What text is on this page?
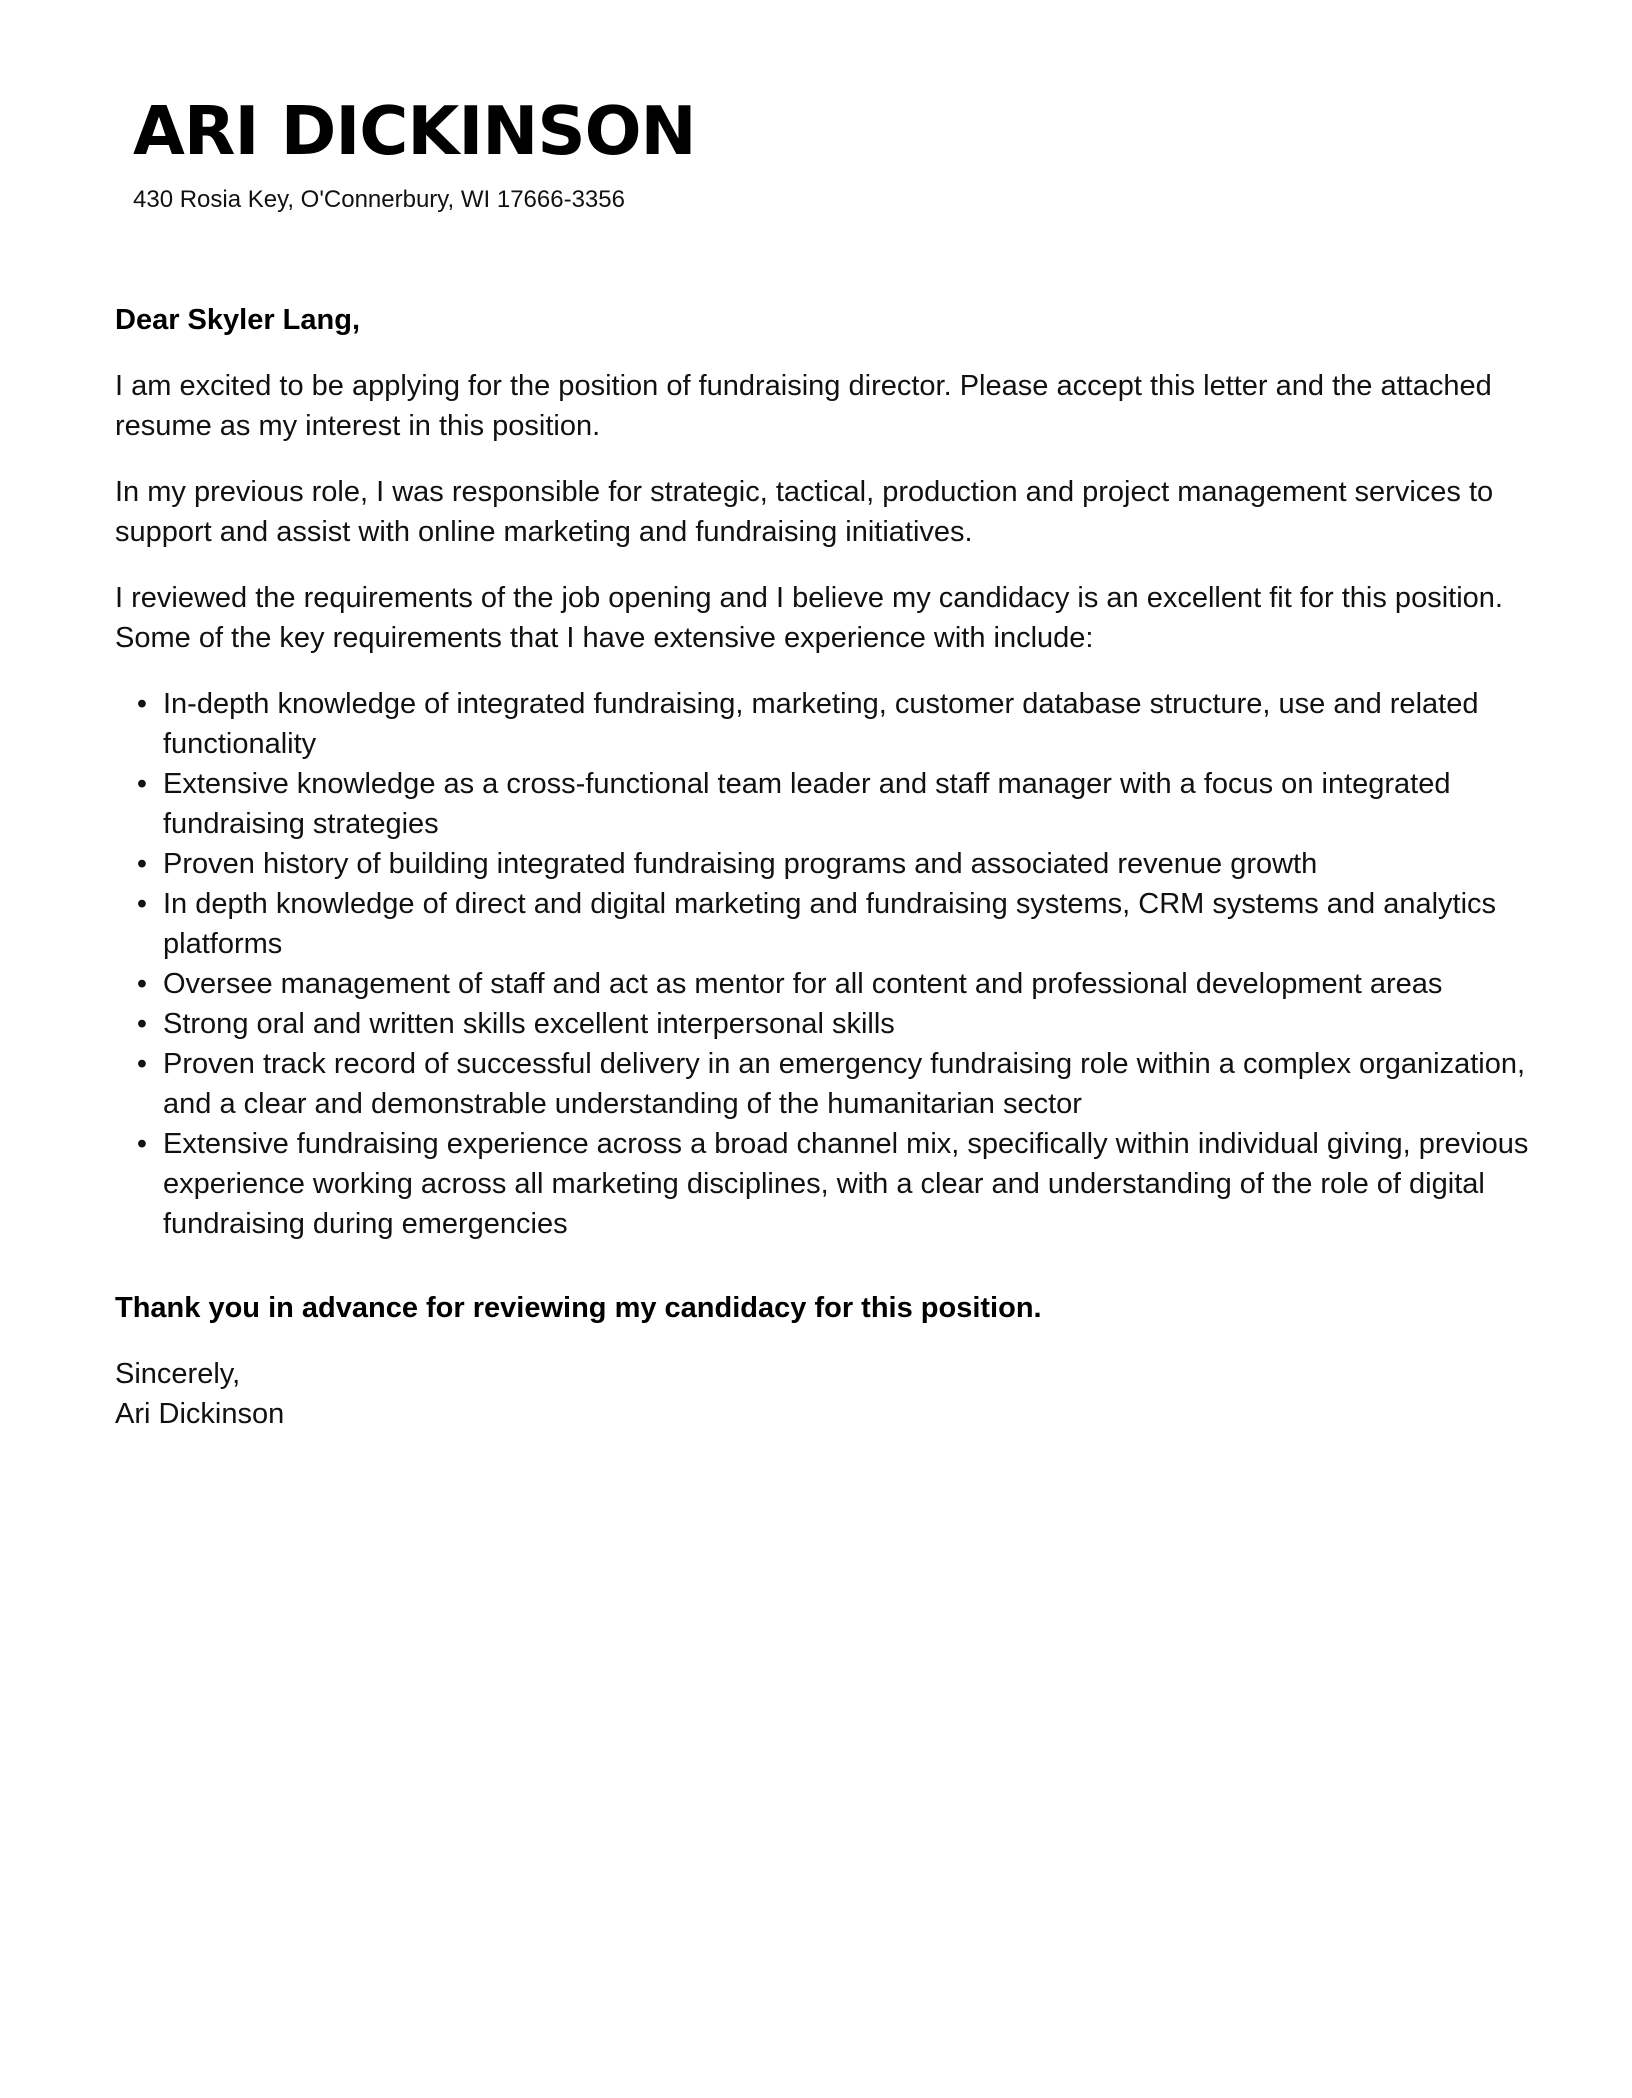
ARI DICKINSON
430 Rosia Key, O'Connerbury, WI 17666-3356

Dear Skyler Lang,

I am excited to be applying for the position of fundraising director. Please accept this letter and the attached resume as my interest in this position.

In my previous role, I was responsible for strategic, tactical, production and project management services to support and assist with online marketing and fundraising initiatives.

I reviewed the requirements of the job opening and I believe my candidacy is an excellent fit for this position. Some of the key requirements that I have extensive experience with include:

• In-depth knowledge of integrated fundraising, marketing, customer database structure, use and related functionality
• Extensive knowledge as a cross-functional team leader and staff manager with a focus on integrated fundraising strategies
• Proven history of building integrated fundraising programs and associated revenue growth
• In depth knowledge of direct and digital marketing and fundraising systems, CRM systems and analytics platforms
• Oversee management of staff and act as mentor for all content and professional development areas
• Strong oral and written skills excellent interpersonal skills
• Proven track record of successful delivery in an emergency fundraising role within a complex organization, and a clear and demonstrable understanding of the humanitarian sector
• Extensive fundraising experience across a broad channel mix, specifically within individual giving, previous experience working across all marketing disciplines, with a clear and understanding of the role of digital fundraising during emergencies

Thank you in advance for reviewing my candidacy for this position.

Sincerely,
Ari Dickinson
